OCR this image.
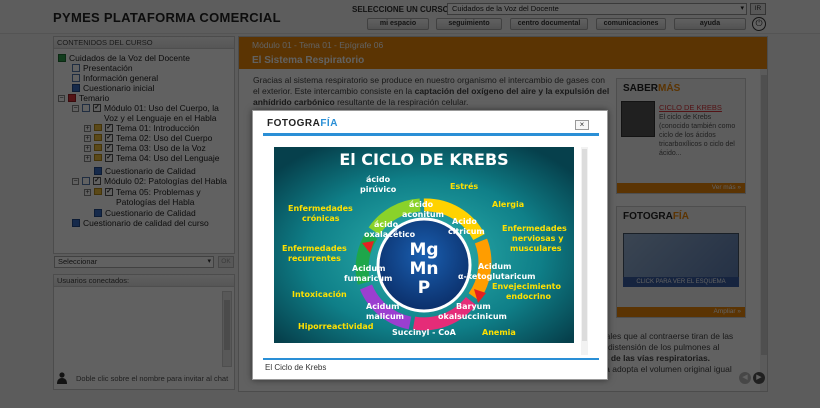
FOTOGRAFÍA	×
El CICLO DE KREBS
Mg
Mn
P
ácido
pirúvico
ácido
aconitum
Acido
citricum
ácido
oxalacético
Acidum
fumaricum
Acidum
malicum
Acidum
α-ketoglutaricum
Baryum
okalsuccinicum
Succinyl - CoA
Estrés
Alergia
Enfermedades
crónicas
Enfermedades
recurrentes
Enfermedades
nerviosas y
musculares
Intoxicación
Envejecimiento
endocrino
Hiporreactividad
Anemia
El Ciclo de Krebs
